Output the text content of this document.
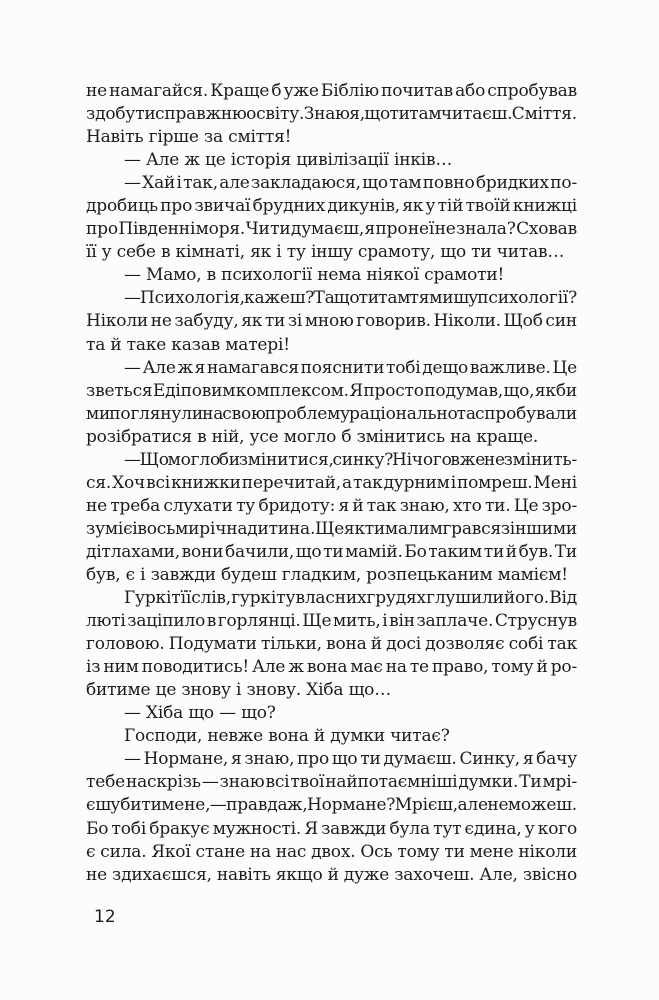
не намагайся. Краще б уже Біблію почитав або спробував
здобути справжню освіту. Знаю я, що ти там читаєш. Сміття.
Навіть гірше за сміття!
— Але ж це історія цивілізації інків…
— Хай і так, але закладаюся, що там повно бридких по-
дробиць про звичаї брудних дикунів, як у тій твоїй книжці
про Південні моря. Чи ти думаєш, я про неї не знала? Сховав
її у себе в кімнаті, як і ту іншу срамоту, що ти читав…
— Мамо, в психології нема ніякої срамоти!
— Психологія, кажеш? Та що ти там тямиш у психології?
Ніколи не забуду, як ти зі мною говорив. Ніколи. Щоб син
та й таке казав матері!
— Але ж я намагався пояснити тобі дещо важливе. Це
зветься Едіповим комплексом. Я просто подумав, що, якби
ми поглянули на свою проблему раціонально та спробували
розібратися в ній, усе могло б змінитись на краще.
— Що могло би змінитися, синку? Нічого вже не змінить-
ся. Хоч всі книжки перечитай, а так дурним і помреш. Мені
не треба слухати ту бридоту: я й так знаю, хто ти. Це зро-
зуміє і восьмирічна дитина. Ще як ти малим грався з іншими
дітлахами, вони бачили, що ти мамій. Бо таким ти й був. Ти
був, є і завжди будеш гладким, розпецьканим мамієм!
Гуркіт її слів, гуркіт у власних грудях глушили його. Від
люті заціпило в горлянці. Ще мить, і він заплаче. Струснув
головою. Подумати тільки, вона й досі дозволяє собі так
із ним поводитись! Але ж вона має на те право, тому й ро-
битиме це знову і знову. Хіба що…
— Хіба що — що?
Господи, невже вона й думки читає?
— Нормане, я знаю, про що ти думаєш. Синку, я бачу
тебе наскрізь — знаю всі твої найпотаємніші думки. Ти мрі-
єш убити мене, — правда ж, Нормане? Мрієш, але не можеш.
Бо тобі бракує мужності. Я завжди була тут єдина, у кого
є сила. Якої стане на нас двох. Ось тому ти мене ніколи
не здихаєшся, навіть якщо й дуже захочеш. Але, звісно
12
